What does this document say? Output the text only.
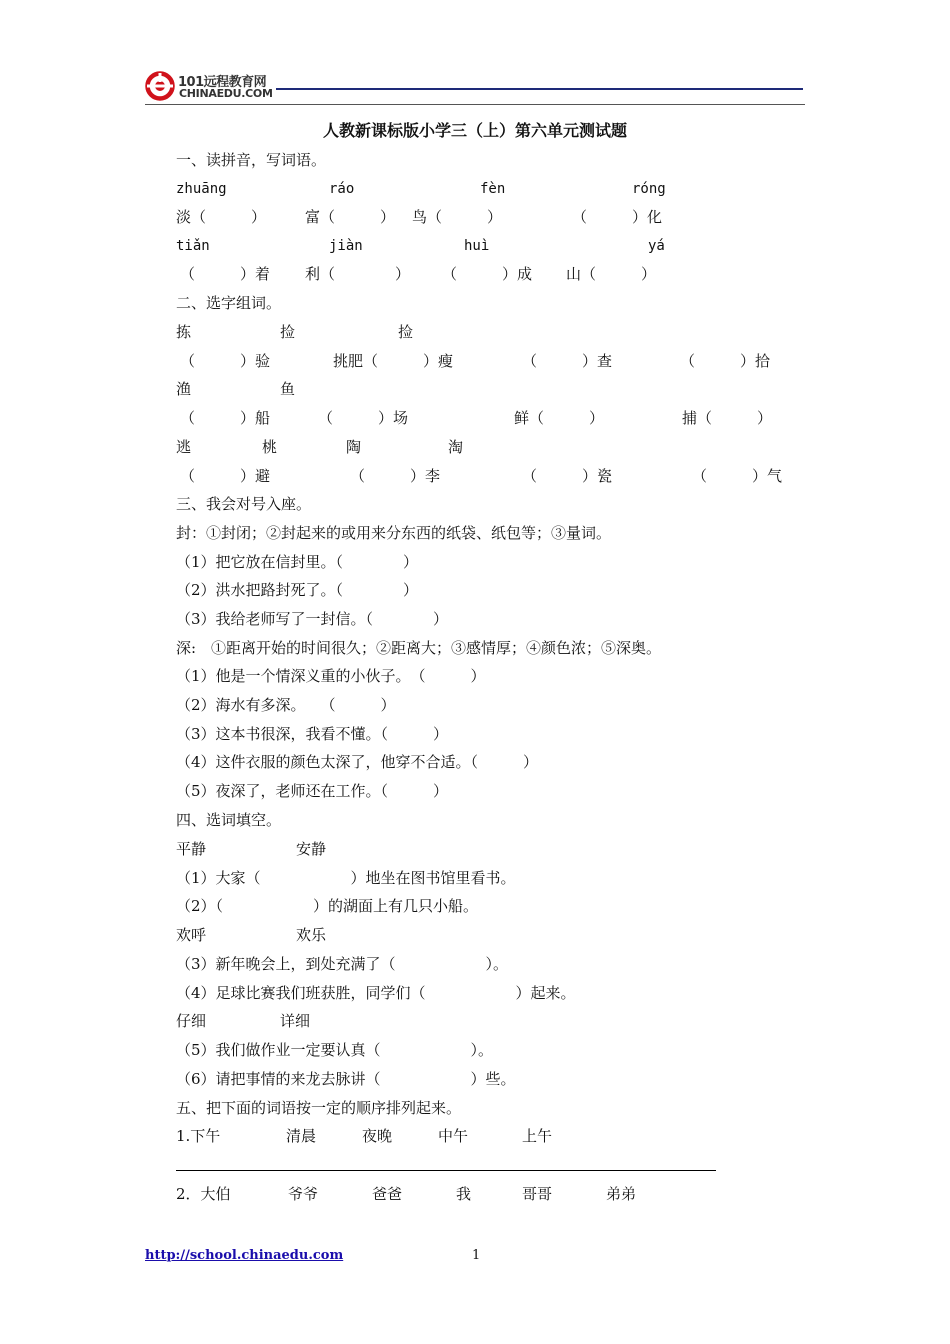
101远程教育网
CHINAEDU.COM
人教新课标版小学三（上）第六单元测试题
一、读拼音，写词语。
zhuāng	ráo	fèn	róng
淡（　　　）	富（　　　） 鸟（　　　）	（　　　）化
tiǎn	jiàn	huì	yá
（　　　）着 利（　　　　） （　　　）成 山（　　　）
二、选字组词。
拣	捡	捡
（　　　）验	挑肥（　　　）瘦	（　　　）查	（　　　）拾
渔	鱼
（　　　）船	（　　　）场	鲜（　　　）	捕（　　　）
逃	桃	陶	淘
（　　　）避	（　　　）李	（　　　）瓷	（　　　）气
三、我会对号入座。
封：①封闭；②封起来的或用来分东西的纸袋、纸包等；③量词。
（1）把它放在信封里。（　　　　）
（2）洪水把路封死了。（　　　　）
（3）我给老师写了一封信。（　　　　）
深:　①距离开始的时间很久；②距离大；③感情厚；④颜色浓；⑤深奥。
（1）他是一个情深义重的小伙子。　（　　　）
（2）海水有多深。　　（　　　）
（3）这本书很深，我看不懂。（　　　）
（4）这件衣服的颜色太深了，他穿不合适。（　　　）
（5）夜深了，老师还在工作。（　　　）
四、选词填空。
平静	安静
（1）大家（　　　　　　）地坐在图书馆里看书。
（2）（　　　　　　）的湖面上有几只小船。
欢呼	欢乐
（3）新年晚会上，到处充满了（　　　　　　）。
（4）足球比赛我们班获胜，同学们（　　　　　　）起来。
仔细	详细
（5）我们做作业一定要认真（　　　　　　）。
（6）请把事情的来龙去脉讲（　　　　　　）些。
五、把下面的词语按一定的顺序排列起来。
1.下午	清晨	夜晚	中午	上午
2．大伯	爷爷	爸爸	我	哥哥	弟弟
http://school.chinaedu.com	1
